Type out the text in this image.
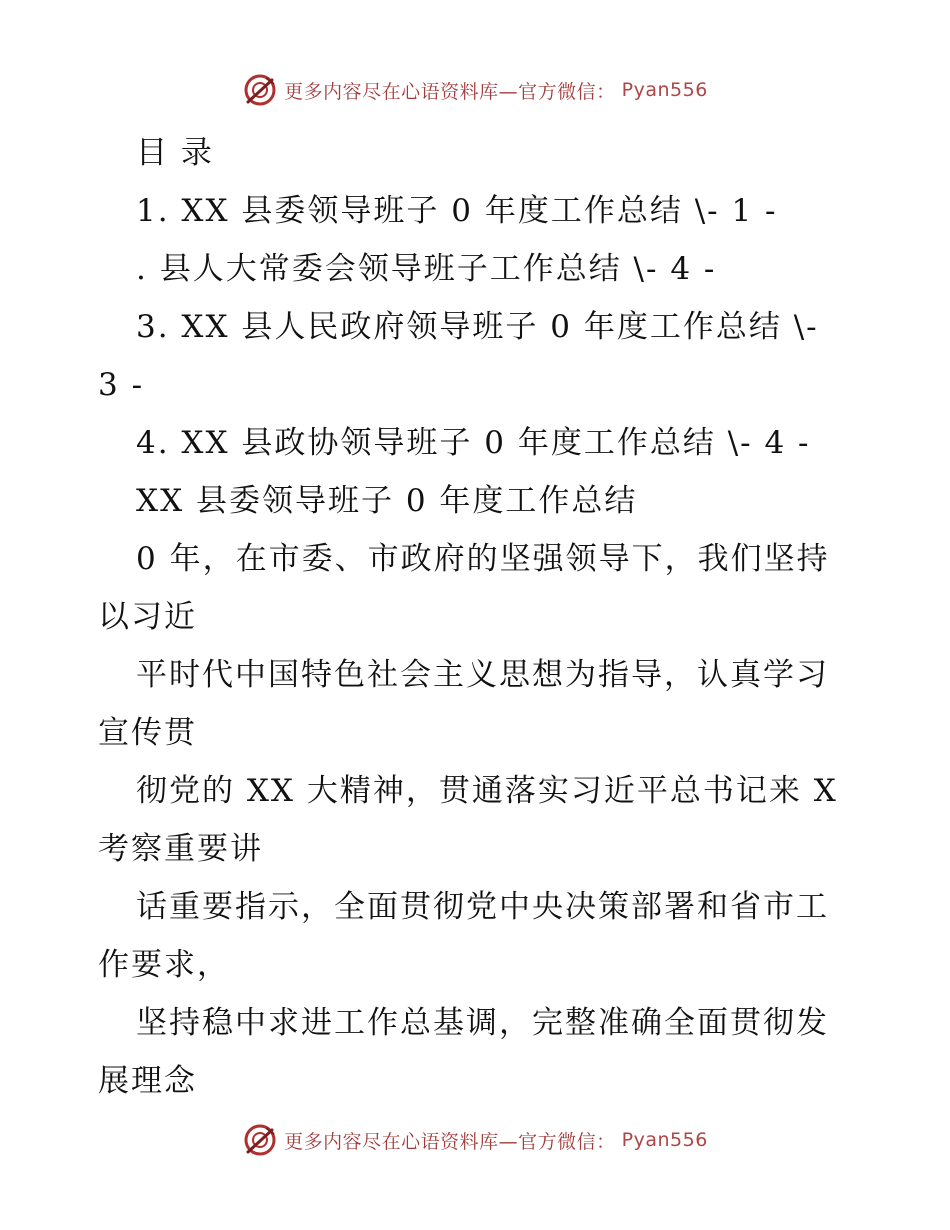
更多内容尽在心语资料库—官方微信： Pyan556
目 录
1. XX 县委领导班子 0 年度工作总结 \- 1 -
. 县人大常委会领导班子工作总结 \- 4 -
3. XX 县人民政府领导班子 0 年度工作总结 \-
3 -
4. XX 县政协领导班子 0 年度工作总结 \- 4 -
XX 县委领导班子 0 年度工作总结
0 年，在市委、市政府的坚强领导下，我们坚持
以习近
平时代中国特色社会主义思想为指导，认真学习
宣传贯
彻党的 XX 大精神，贯通落实习近平总书记来 X
考察重要讲
话重要指示，全面贯彻党中央决策部署和省市工
作要求，
坚持稳中求进工作总基调，完整准确全面贯彻发
展理念
更多内容尽在心语资料库—官方微信： Pyan556
